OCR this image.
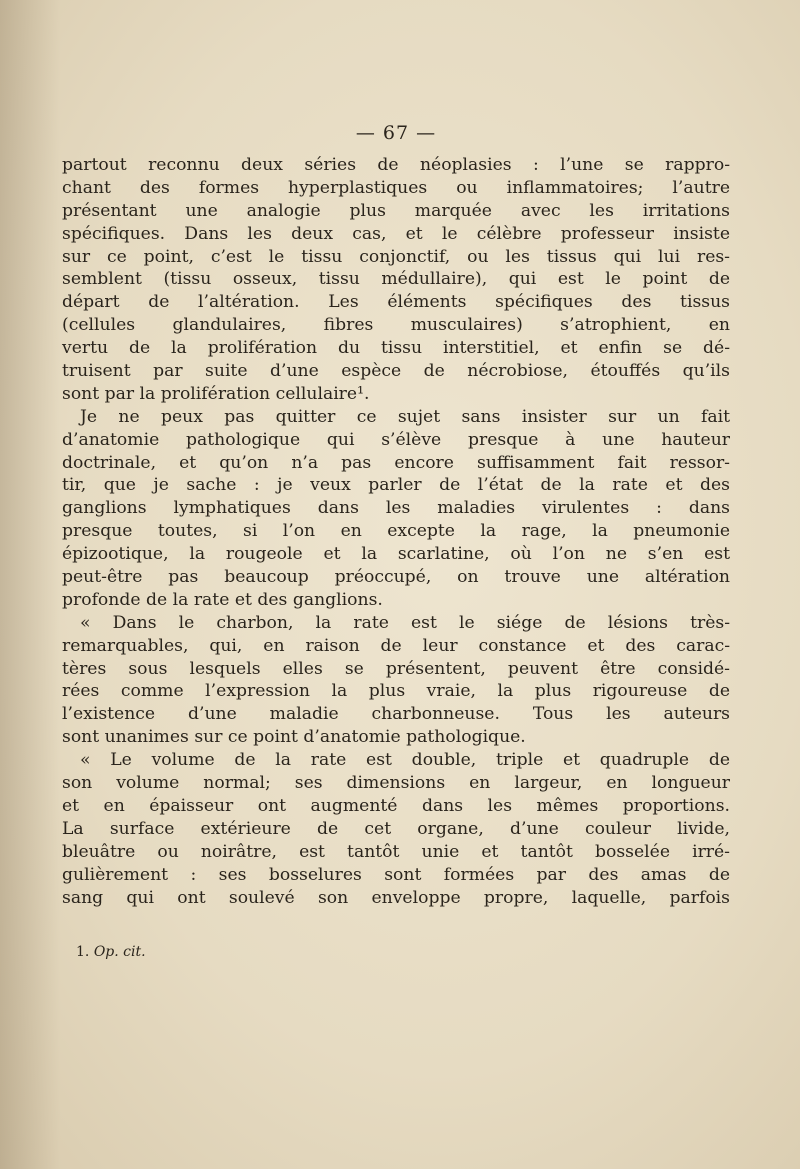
— 67 —
partout reconnu deux séries de néoplasies : l’une se rappro-
chant des formes hyperplastiques ou inflammatoires; l’autre
présentant une analogie plus marquée avec les irritations
spécifiques. Dans les deux cas, et le célèbre professeur insiste
sur ce point, c’est le tissu conjonctif, ou les tissus qui lui res-
semblent (tissu osseux, tissu médullaire), qui est le point de
départ de l’altération. Les éléments spécifiques des tissus
(cellules glandulaires, fibres musculaires) s’atrophient, en
vertu de la prolifération du tissu interstitiel, et enfin se dé-
truisent par suite d’une espèce de nécrobiose, étouffés qu’ils
sont par la prolifération cellulaire¹.
Je ne peux pas quitter ce sujet sans insister sur un fait
d’anatomie pathologique qui s’élève presque à une hauteur
doctrinale, et qu’on n’a pas encore suffisamment fait ressor-
tir, que je sache : je veux parler de l’état de la rate et des
ganglions lymphatiques dans les maladies virulentes : dans
presque toutes, si l’on en excepte la rage, la pneumonie
épizootique, la rougeole et la scarlatine, où l’on ne s’en est
peut-être pas beaucoup préoccupé, on trouve une altération
profonde de la rate et des ganglions.
« Dans le charbon, la rate est le siége de lésions très-
remarquables, qui, en raison de leur constance et des carac-
tères sous lesquels elles se présentent, peuvent être considé-
rées comme l’expression la plus vraie, la plus rigoureuse de
l’existence d’une maladie charbonneuse. Tous les auteurs
sont unanimes sur ce point d’anatomie pathologique.
« Le volume de la rate est double, triple et quadruple de
son volume normal; ses dimensions en largeur, en longueur
et en épaisseur ont augmenté dans les mêmes proportions.
La surface extérieure de cet organe, d’une couleur livide,
bleuâtre ou noirâtre, est tantôt unie et tantôt bosselée irré-
gulièrement : ses bosselures sont formées par des amas de
sang qui ont soulevé son enveloppe propre, laquelle, parfois
1. Op. cit.
